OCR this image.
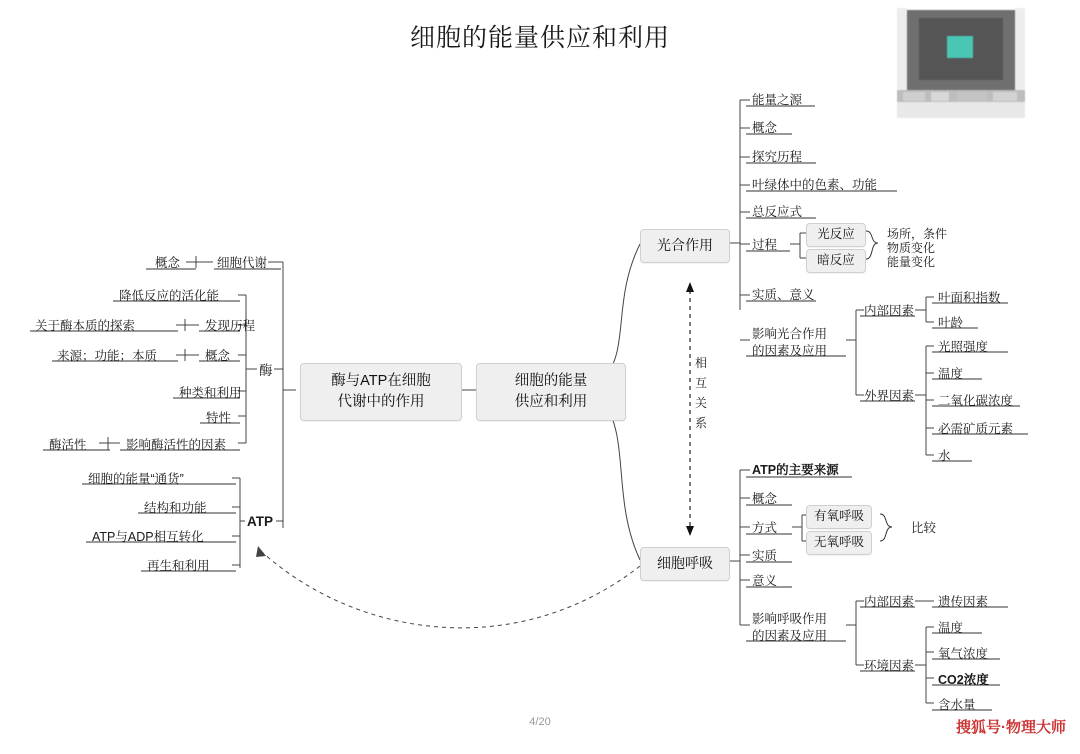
细胞的能量供应和利用
细胞的能量
供应和利用
酶与ATP在细胞
代谢中的作用
光合作用
细胞呼吸
细胞代谢
概念
酶
降低反应的活化能
发现历程
概念
种类和利用
特性
影响酶活性的因素
关于酶本质的探索
来源；功能；本质
酶活性
ATP
细胞的能量“通货”
结构和功能
ATP与ADP相互转化
再生和利用
能量之源
概念
探究历程
叶绿体中的色素、功能
总反应式
过程
实质、意义
影响光合作用
的因素及应用
光反应
暗反应
场所，条件
物质变化
能量变化
内部因素
外界因素
叶面积指数
叶龄
光照强度
温度
二氧化碳浓度
必需矿质元素
水
相
互
关
系
ATP的主要来源
概念
方式
实质
意义
影响呼吸作用
的因素及应用
有氧呼吸
无氧呼吸
比较
内部因素
环境因素
遗传因素
温度
氧气浓度
CO2浓度
含水量
4/20	搜狐号·物理大师
